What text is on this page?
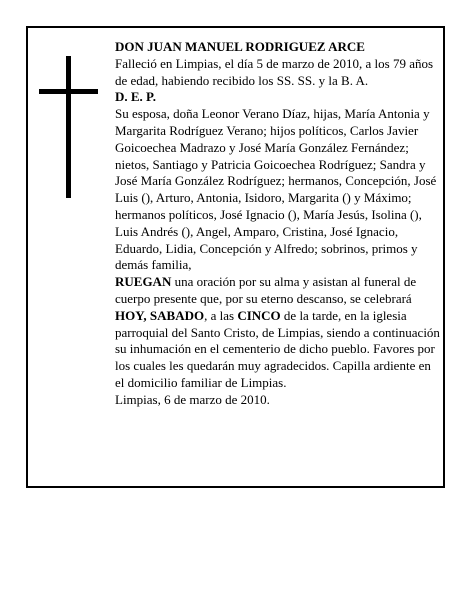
DON JUAN MANUEL RODRIGUEZ ARCE

Falleció en Limpias, el día 5 de marzo de 2010, a los 79 años de edad, habiendo recibido los SS. SS. y la B. A.

D. E. P.

Su esposa, doña Leonor Verano Díaz, hijas, María Antonia y Margarita Rodríguez Verano; hijos políticos, Carlos Javier Goicoechea Madrazo y José María González Fernández; nietos, Santiago y Patricia Goicoechea Rodríguez; Sandra y José María González Rodríguez; hermanos, Concepción, José Luis (), Arturo, Antonia, Isidoro, Margarita () y Máximo; hermanos políticos, José Ignacio (), María Jesús, Isolina (), Luis Andrés (), Angel, Amparo, Cristina, José Ignacio, Eduardo, Lidia, Concepción y Alfredo; sobrinos, primos y demás familia,

RUEGAN una oración por su alma y asistan al funeral de cuerpo presente que, por su eterno descanso, se celebrará HOY, SABADO, a las CINCO de la tarde, en la iglesia parroquial del Santo Cristo, de Limpias, siendo a continuación su inhumación en el cementerio de dicho pueblo. Favores por los cuales les quedarán muy agradecidos. Capilla ardiente en el domicilio familiar de Limpias.

Limpias, 6 de marzo de 2010.
